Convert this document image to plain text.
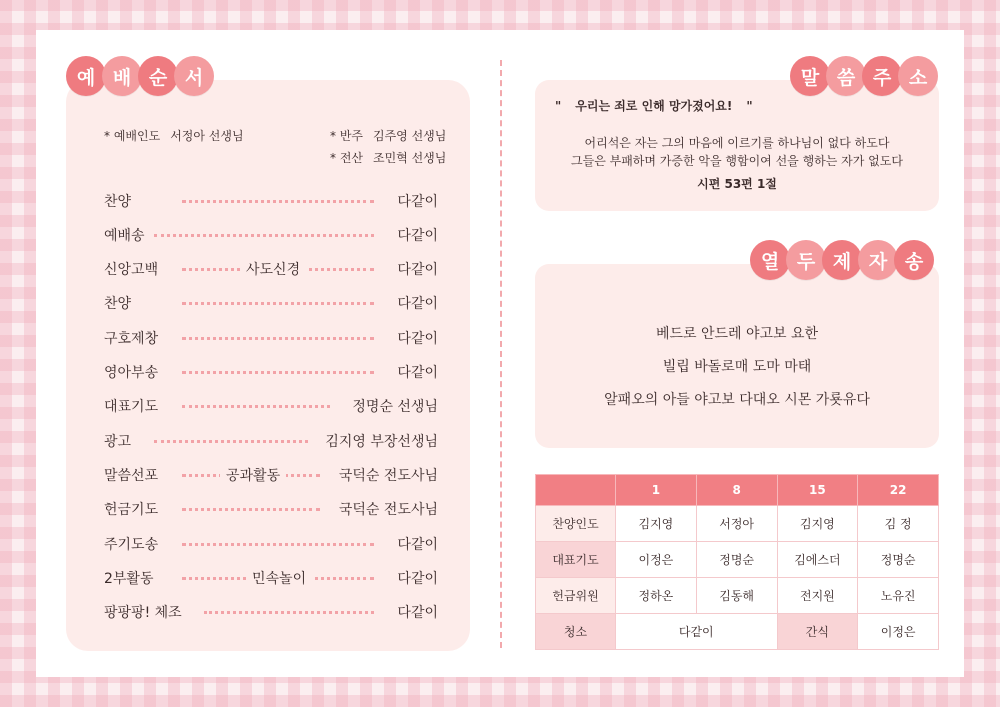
예 배 순 서
* 예배인도 서정아 선생님	* 반주 김주영 선생님
* 전산 조민혁 선생님
찬양	다같이
예배송	다같이
신앙고백	사도신경	다같이
찬양	다같이
구호제창	다같이
영아부송	다같이
대표기도	정명순 선생님
광고	김지영 부장선생님
말씀선포	공과활동	국덕순 전도사님
헌금기도	국덕순 전도사님
주기도송	다같이
2부활동	민속놀이	다같이
팡팡팡! 체조	다같이
말 씀 주 소
" 우리는 죄로 인해 망가졌어요! "
어리석은 자는 그의 마음에 이르기를 하나님이 없다 하도다
그들은 부패하며 가증한 악을 행함이여 선을 행하는 자가 없도다
시편 53편 1절
열 두 제 자 송
베드로 안드레 야고보 요한
빌립 바돌로매 도마 마태
알패오의 아들 야고보 다대오 시몬 가룟유다
	1	8	15	22
찬양인도	김지영	서정아	김지영	김 정
대표기도	이정은	정명순	김에스더	정명순
헌금위원	정하온	김동해	전지원	노유진
청소	다같이		간식	이정은
